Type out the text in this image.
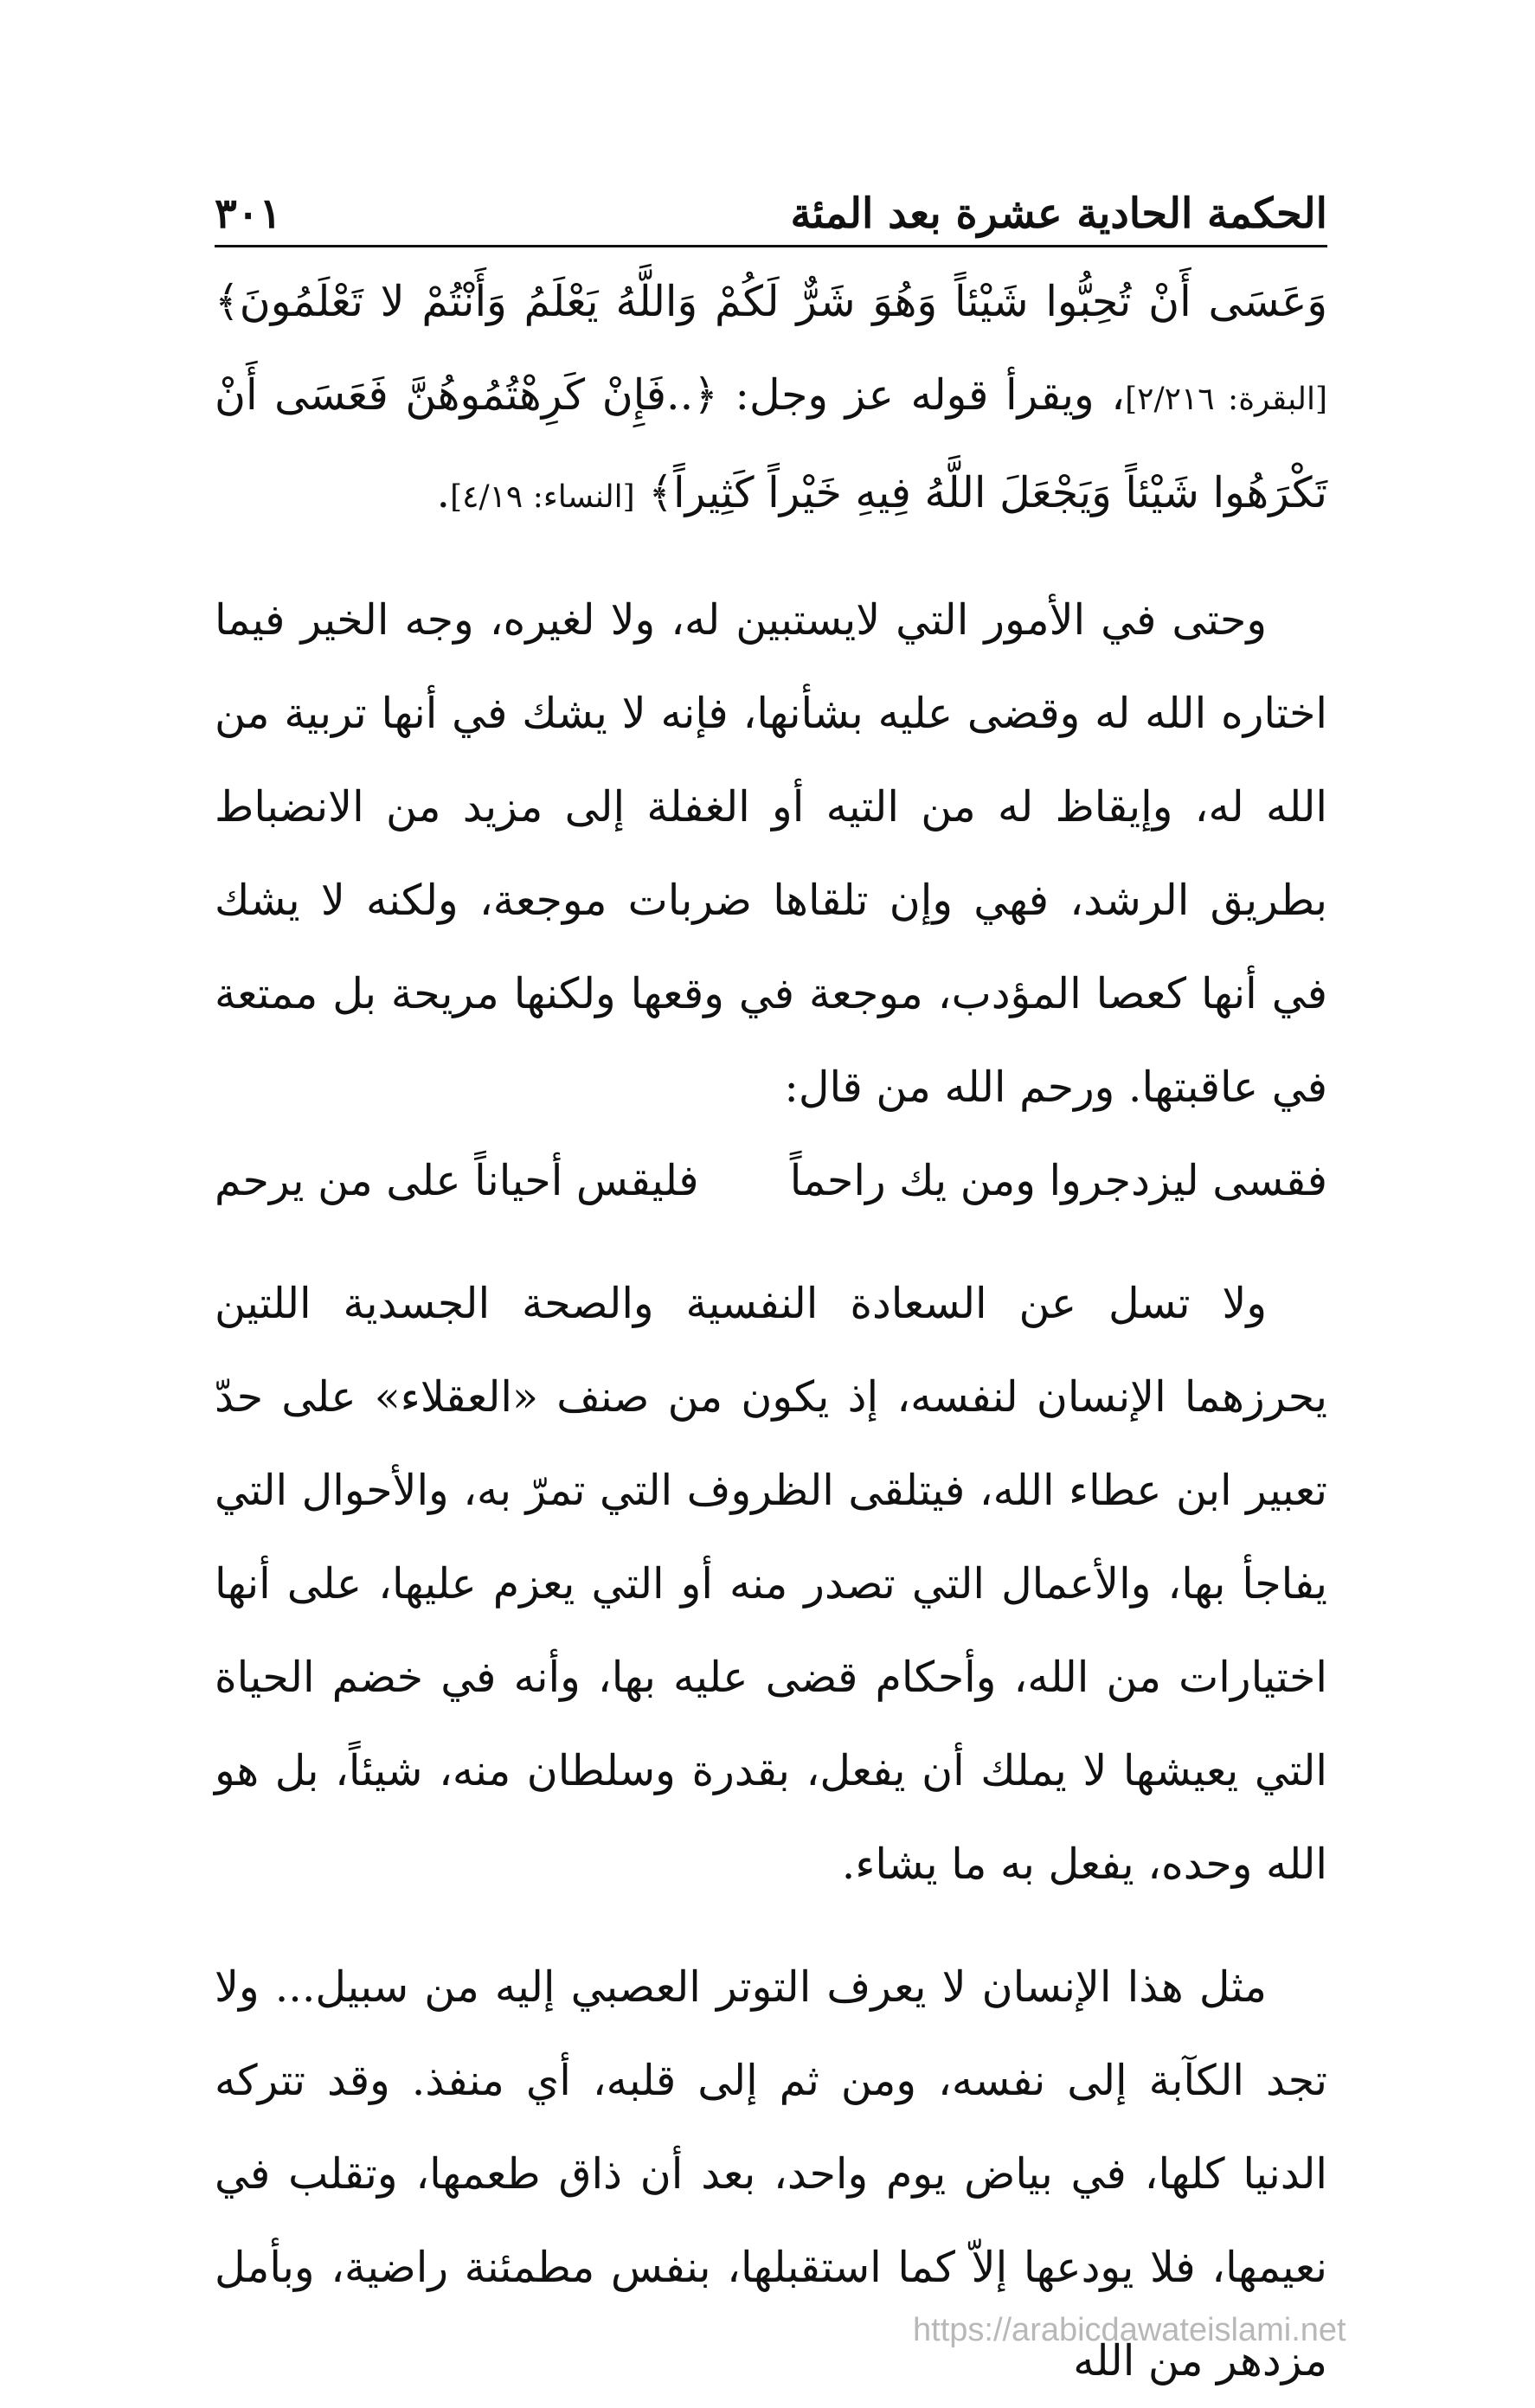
الحكمة الحادية عشرة بعد المئة
٣٠١

وَعَسَى أَنْ تُحِبُّوا شَيْئاً وَهُوَ شَرٌّ لَكُمْ وَاللَّهُ يَعْلَمُ وَأَنْتُمْ لا تَعْلَمُونَ﴾ [البقرة: ٢/٢١٦]، ويقرأ قوله عز وجل: ﴿..فَإِنْ كَرِهْتُمُوهُنَّ فَعَسَى أَنْ تَكْرَهُوا شَيْئاً وَيَجْعَلَ اللَّهُ فِيهِ خَيْراً كَثِيراً﴾ [النساء: ٤/١٩].

وحتى في الأمور التي لايستبين له، ولا لغيره، وجه الخير فيما اختاره الله له وقضى عليه بشأنها، فإنه لا يشك في أنها تربية من الله له، وإيقاظ له من التيه أو الغفلة إلى مزيد من الانضباط بطريق الرشد، فهي وإن تلقاها ضربات موجعة، ولكنه لا يشك في أنها كعصا المؤدب، موجعة في وقعها ولكنها مريحة بل ممتعة في عاقبتها. ورحم الله من قال:

فقسى ليزدجروا ومن يك راحماً
فليقس أحياناً على من يرحم

ولا تسل عن السعادة النفسية والصحة الجسدية اللتين يحرزهما الإنسان لنفسه، إذ يكون من صنف «العقلاء» على حدّ تعبير ابن عطاء الله، فيتلقى الظروف التي تمرّ به، والأحوال التي يفاجأ بها، والأعمال التي تصدر منه أو التي يعزم عليها، على أنها اختيارات من الله، وأحكام قضى عليه بها، وأنه في خضم الحياة التي يعيشها لا يملك أن يفعل، بقدرة وسلطان منه، شيئاً، بل هو الله وحده، يفعل به ما يشاء.

مثل هذا الإنسان لا يعرف التوتر العصبي إليه من سبيل... ولا تجد الكآبة إلى نفسه، ومن ثم إلى قلبه، أي منفذ. وقد تتركه الدنيا كلها، في بياض يوم واحد، بعد أن ذاق طعمها، وتقلب في نعيمها، فلا يودعها إلاّ كما استقبلها، بنفس مطمئنة راضية، وبأمل مزدهر من الله

https://arabicdawateislami.net
